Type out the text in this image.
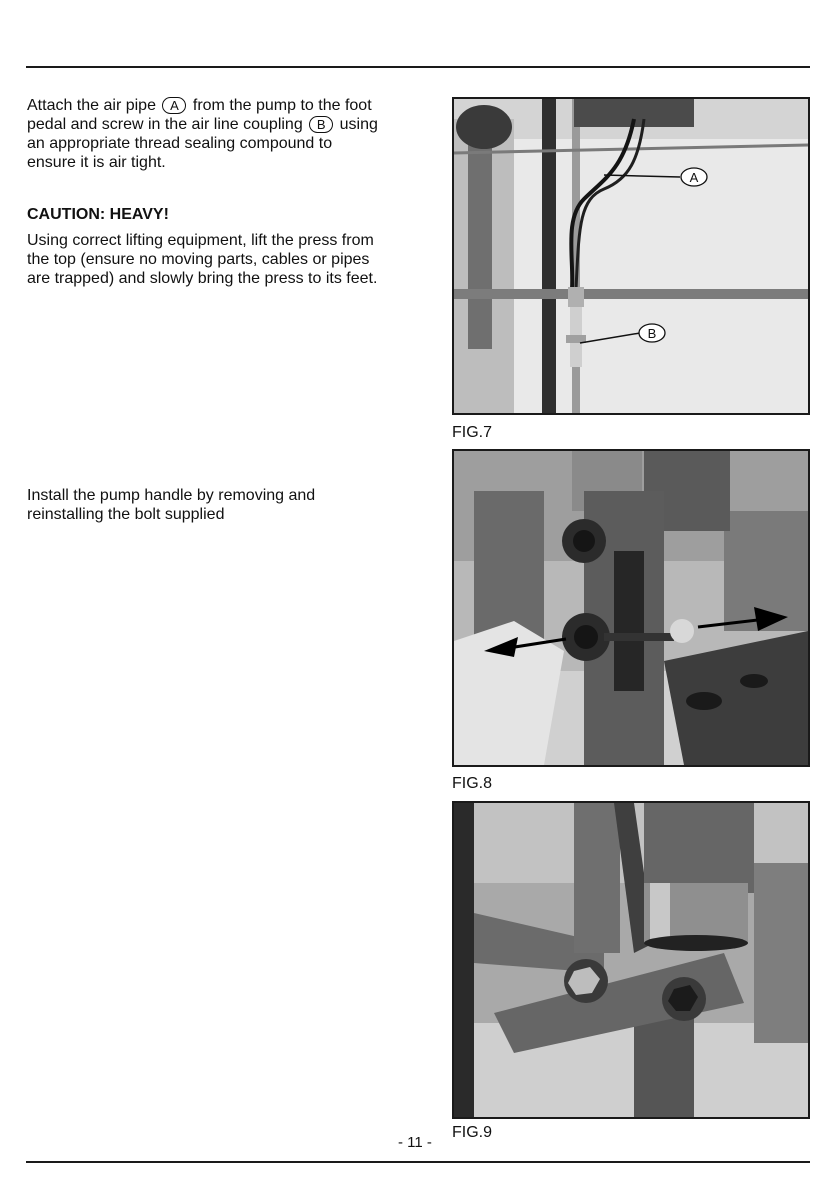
Attach the air pipe A from the pump to the foot
pedal and screw in the air line coupling B using
an appropriate thread sealing compound to
ensure it is air tight.

CAUTION: HEAVY!

Using correct lifting equipment, lift the press from
the top (ensure no moving parts, cables or pipes
are trapped) and slowly bring the press to its feet.

Install the pump handle by removing and
reinstalling the bolt supplied

A
B

FIG.7

FIG.8

FIG.9

- 11 -
